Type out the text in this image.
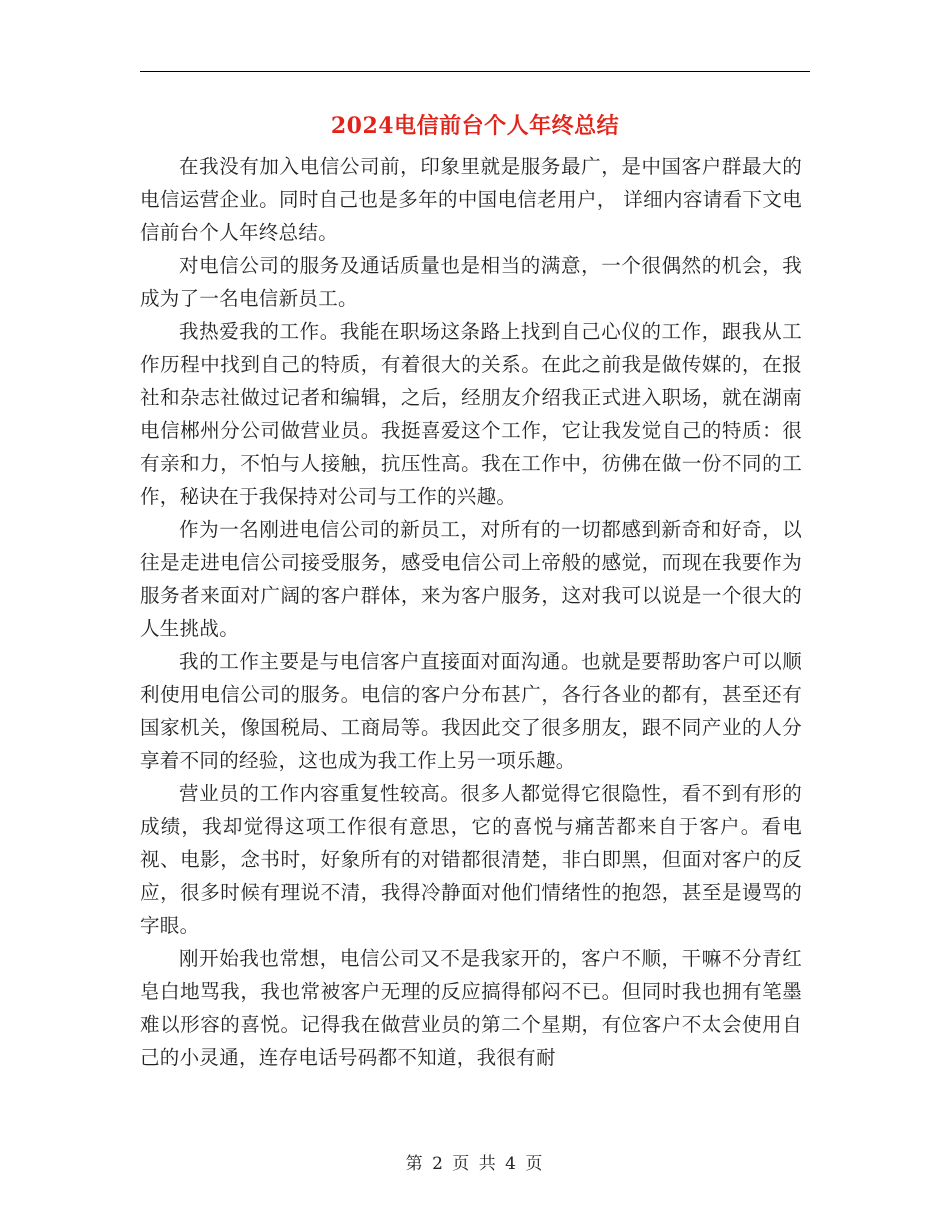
2024电信前台个人年终总结

在我没有加入电信公司前，印象里就是服务最广，是中国客户群最大的电信运营企业。同时自己也是多年的中国电信老用户， 详细内容请看下文电信前台个人年终总结。

对电信公司的服务及通话质量也是相当的满意，一个很偶然的机会，我成为了一名电信新员工。

我热爱我的工作。我能在职场这条路上找到自己心仪的工作，跟我从工作历程中找到自己的特质，有着很大的关系。在此之前我是做传媒的，在报社和杂志社做过记者和编辑，之后，经朋友介绍我正式进入职场，就在湖南电信郴州分公司做营业员。我挺喜爱这个工作，它让我发觉自己的特质：很有亲和力，不怕与人接触，抗压性高。我在工作中，彷佛在做一份不同的工作，秘诀在于我保持对公司与工作的兴趣。

作为一名刚进电信公司的新员工，对所有的一切都感到新奇和好奇，以往是走进电信公司接受服务，感受电信公司上帝般的感觉，而现在我要作为服务者来面对广阔的客户群体，来为客户服务，这对我可以说是一个很大的人生挑战。

我的工作主要是与电信客户直接面对面沟通。也就是要帮助客户可以顺利使用电信公司的服务。电信的客户分布甚广，各行各业的都有，甚至还有国家机关，像国税局、工商局等。我因此交了很多朋友，跟不同产业的人分享着不同的经验，这也成为我工作上另一项乐趣。

营业员的工作内容重复性较高。很多人都觉得它很隐性，看不到有形的成绩，我却觉得这项工作很有意思，它的喜悦与痛苦都来自于客户。看电视、电影，念书时，好象所有的对错都很清楚，非白即黑，但面对客户的反应，很多时候有理说不清，我得冷静面对他们情绪性的抱怨，甚至是谩骂的字眼。

刚开始我也常想，电信公司又不是我家开的，客户不顺，干嘛不分青红皂白地骂我，我也常被客户无理的反应搞得郁闷不已。但同时我也拥有笔墨难以形容的喜悦。记得我在做营业员的第二个星期，有位客户不太会使用自己的小灵通，连存电话号码都不知道，我很有耐

第 2 页 共 4 页
